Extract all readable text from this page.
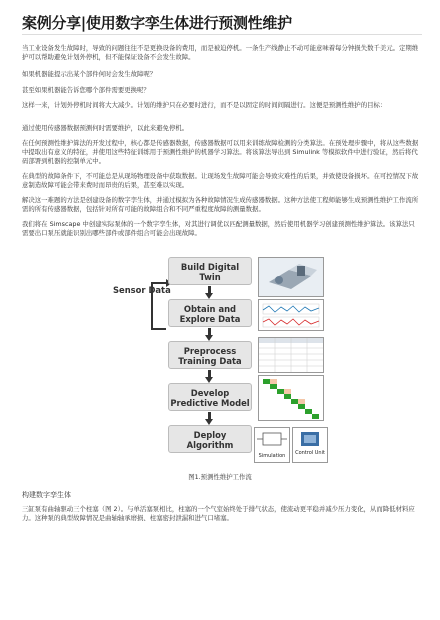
案例分享|使用数字孪生体进行预测性维护
当工业设备发生故障时，导致的问题往往不是更换设备的费用，而是被迫停机。一条生产线静止不动可能意味着每分钟损失数千美元。定期维护可以帮助避免计划外停机，但不能保证设备不会发生故障。
如果机器能提示出某个部件何时会发生故障呢？
甚至如果机器能告诉您哪个部件需要更换呢？
这样一来，计划外停机时间将大大减少。计划的维护只在必要时进行，而不是以固定的时间间隔进行。这便是预测性维护的目标：
通过使用传感器数据预测何时需要维护，以此来避免停机。
在任何预测性维护算法的开发过程中，核心都是传感器数据，传感器数据可以用来训练故障检测的分类算法。在预处理步骤中，将从这些数据中提取出有意义的特征，并使用这些特征训练用于预测性维护的机器学习算法。将该算法导出到 Simulink 等模拟软件中进行验证，然后将代码部署到机器的控制单元中。
在典型的故障条件下，不可能总是从现场物理设备中获取数据。让现场发生故障可能会导致灾难性的后果，并致使设备损坏。在可控情况下故意制造故障可能会带来费时而昂贵的后果，甚至难以实现。
解决这一难题的方法是创建设备的数字孪生体，并通过模拟为各种故障情况生成传感器数据。这种方法使工程师能够生成预测性维护工作流所需的所有传感器数据，包括针对所有可能的故障组合和不同严重程度故障的测量数据。
我们将在 Simscape 中创建实际泵体的一个数字孪生体，对其进行调优以匹配测量数据，然后使用机器学习创建预测性维护算法。该算法只需要出口泵压就能识别出哪些部件或部件组合可能会出现故障。
Sensor Data
Build Digital Twin
Obtain and Explore Data
Preprocess Training Data
Develop Predictive Model
Deploy Algorithm
Simulation	Control Unit
图1.预测性维护工作流
构建数字孪生体
三缸泵有曲轴驱动三个柱塞（图 2）。与单活塞泵相比，柱塞的一个气室始终处于排气状态，使流动更平稳并减少压力变化，从而降低材料应力。这种泵的典型故障情况是曲轴轴承磨损、柱塞密封泄漏和进气口堵塞。
